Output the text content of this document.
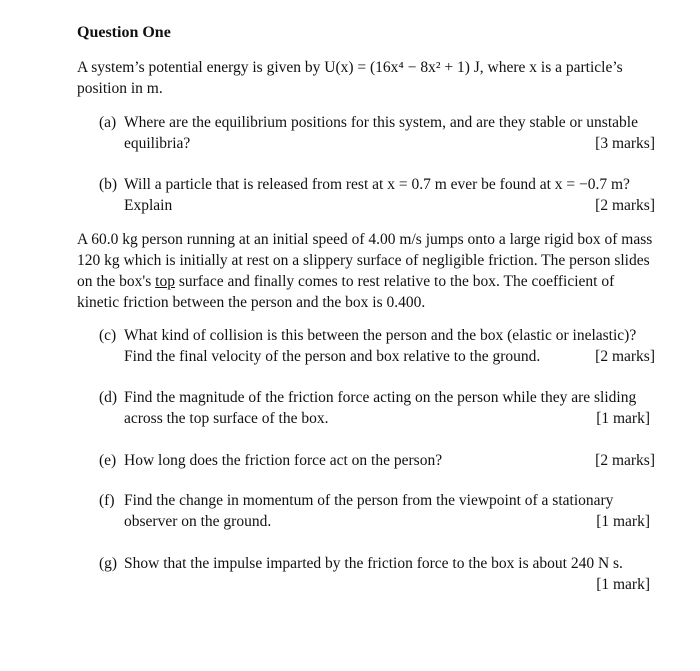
Question One
A system’s potential energy is given by U(x) = (16x⁴ − 8x² + 1) J, where x is a particle’s
position in m.
(a) Where are the equilibrium positions for this system, and are they stable or unstable
equilibria?	[3 marks]
(b) Will a particle that is released from rest at x = 0.7 m ever be found at x = −0.7 m?
Explain	[2 marks]
A 60.0 kg person running at an initial speed of 4.00 m/s jumps onto a large rigid box of mass
120 kg which is initially at rest on a slippery surface of negligible friction. The person slides
on the box's top surface and finally comes to rest relative to the box. The coefficient of
kinetic friction between the person and the box is 0.400.
(c) What kind of collision is this between the person and the box (elastic or inelastic)?
Find the final velocity of the person and box relative to the ground.	[2 marks]
(d) Find the magnitude of the friction force acting on the person while they are sliding
across the top surface of the box.	[1 mark]
(e) How long does the friction force act on the person?	[2 marks]
(f) Find the change in momentum of the person from the viewpoint of a stationary
observer on the ground.	[1 mark]
(g) Show that the impulse imparted by the friction force to the box is about 240 N s.
[1 mark]
